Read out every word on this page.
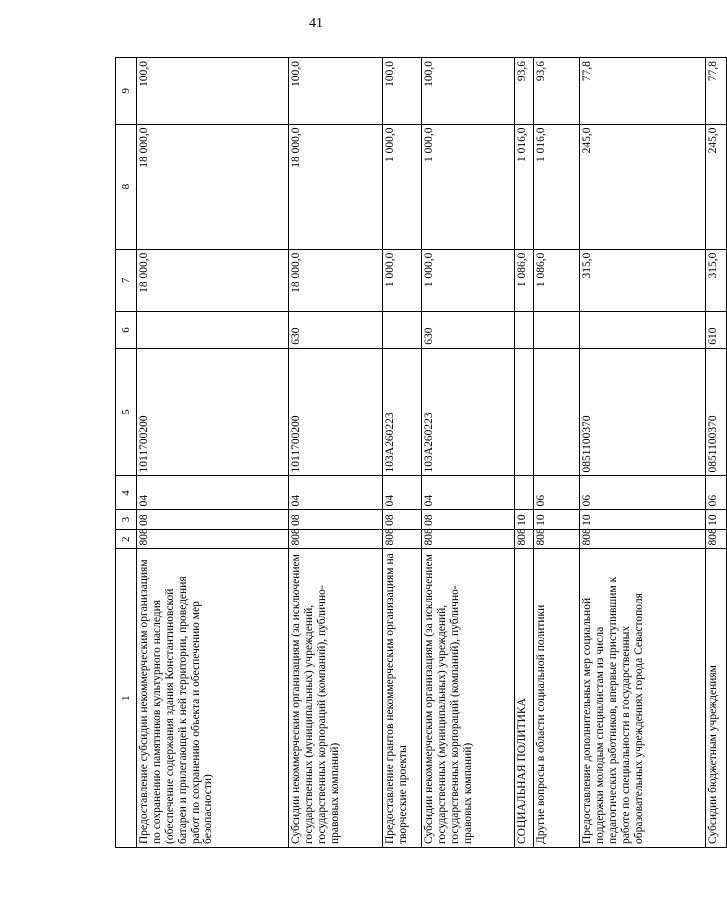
41
1	2	3	4	5	6	7	8	9
Предоставление субсидии некоммерческим организациям по сохранению памятников культурного наследия (обеспечение содержания здания Константиновской батареи и прилегающей к ней территории, проведения работ по сохранению объекта и обеспечению мер безопасности)	808	08	04	1011700200		18 000,0	18 000,0	100,0
Субсидии некоммерческим организациям (за исключением государственных (муниципальных) учреждений, государственных корпораций (компаний), публично-правовых компаний)	808	08	04	1011700200	630	18 000,0	18 000,0	100,0
Предоставление грантов некоммерческим организациям на творческие проекты	808	08	04	103A260223		1 000,0	1 000,0	100,0
Субсидии некоммерческим организациям (за исключением государственных (муниципальных) учреждений, государственных корпораций (компаний), публично-правовых компаний)	808	08	04	103A260223	630	1 000,0	1 000,0	100,0
СОЦИАЛЬНАЯ ПОЛИТИКА	808	10				1 086,0	1 016,0	93,6
Другие вопросы в области социальной политики	808	10	06			1 086,0	1 016,0	93,6
Предоставление дополнительных мер социальной поддержки молодым специалистам из числа педагогических работников, впервые приступившим к работе по специальности в государственных образовательных учреждениях города Севастополя	808	10	06	0851100370		315,0	245,0	77,8
Субсидии бюджетным учреждениям	808	10	06	0851100370	610	315,0	245,0	77,8
